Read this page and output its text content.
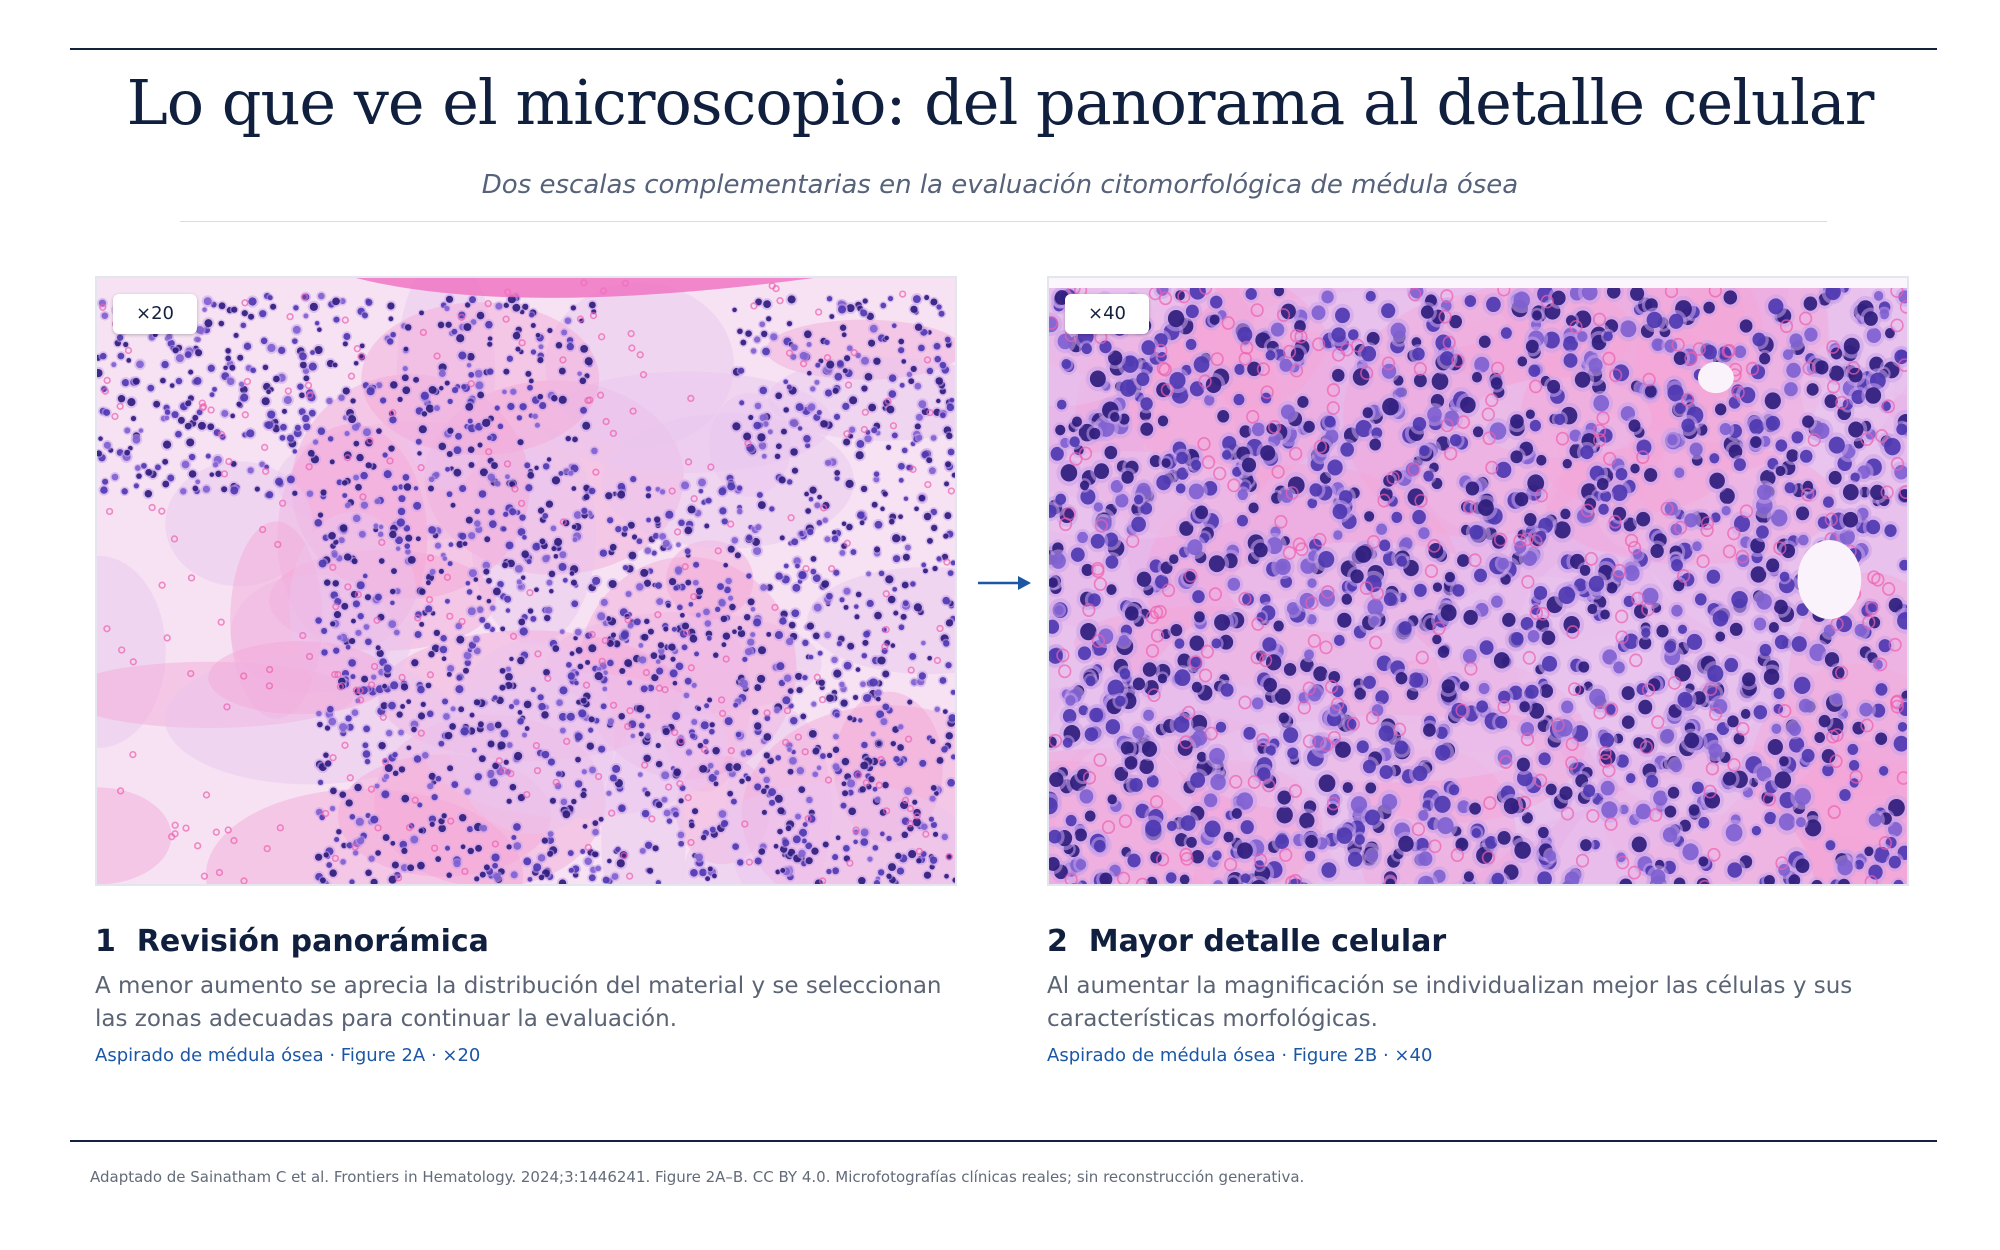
Lo que ve el microscopio: del panorama al detalle celular
Dos escalas complementarias en la evaluación citomorfológica de médula ósea
×20	×40
1 Revisión panorámica
A menor aumento se aprecia la distribución del material y se seleccionan las zonas adecuadas para continuar la evaluación.
Aspirado de médula ósea · Figure 2A · ×20
2 Mayor detalle celular
Al aumentar la magnificación se individualizan mejor las células y sus características morfológicas.
Aspirado de médula ósea · Figure 2B · ×40
Adaptado de Sainatham C et al. Frontiers in Hematology. 2024;3:1446241. Figure 2A–B. CC BY 4.0. Microfotografías clínicas reales; sin reconstrucción generativa.
